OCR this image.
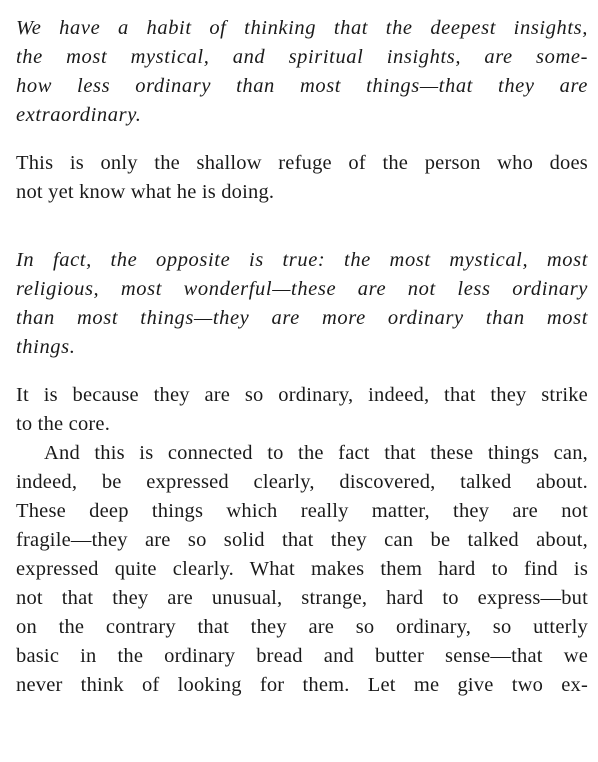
We have a habit of thinking that the deepest insights,
the most mystical, and spiritual insights, are some-
how less ordinary than most things—that they are
extraordinary.

This is only the shallow refuge of the person who does
not yet know what he is doing.

In fact, the opposite is true: the most mystical, most
religious, most wonderful—these are not less ordinary
than most things—they are more ordinary than most
things.

It is because they are so ordinary, indeed, that they strike
to the core.

And this is connected to the fact that these things can,
indeed, be expressed clearly, discovered, talked about.
These deep things which really matter, they are not
fragile—they are so solid that they can be talked about,
expressed quite clearly. What makes them hard to find is
not that they are unusual, strange, hard to express—but
on the contrary that they are so ordinary, so utterly
basic in the ordinary bread and butter sense—that we
never think of looking for them. Let me give two ex-
